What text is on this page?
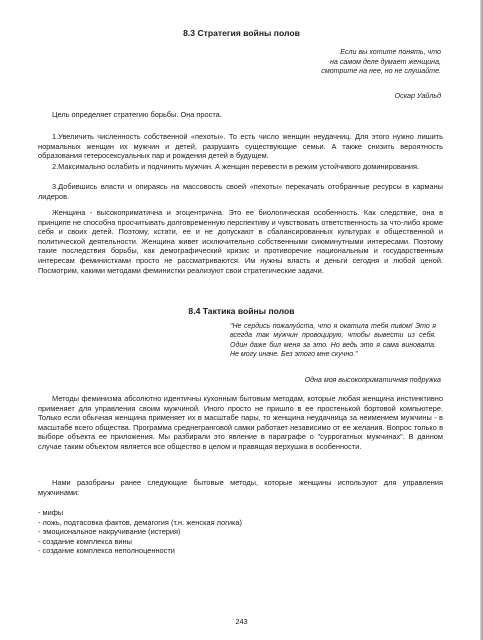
8.3 Стратегия войны полов
Если вы хотите понять, что
на самом деле думает женщина,
смотрите на нее, но не слушайте.
Оскар Уайльд

Цель определяет стратегию борьбы. Она проста.

1.Увеличить численность собственной «пехоты». То есть число женщин неудачниц. Для этого нужно лишить нормальных женщин их мужчин и детей, разрушить существующие семьи. А также снизить вероятность образования гетеросексуальных пар и рождения детей в будущем.

2.Максимально ослабить и подчинить мужчин. А женщин перевести в режим устойчивого доминирования.

3.Добившись власти и опираясь на массовость своей «пехоты» перекачать отобранные ресурсы в карманы лидеров.

Женщина - высокоприматична и эгоцентрична. Это ее биологическая особенность. Как следствие, она в принципе не способна просчитывать долговременную перспективу и чувствовать ответственность за что-либо кроме себя и своих детей. Поэтому, кстати, ее и не допускают в сбалансированных культурах к общественной и политической деятельности. Женщина живет исключительно собственными сиюминутными интересами. Поэтому такие последствия борьбы, как демографический кризис и противоречие национальным и государственным интересам феминистками просто не рассматриваются. Им нужны власть и деньги сегодня и любой ценой. Посмотрим, какими методами феминистки реализуют свои стратегические задачи.

8.4 Тактика войны полов
"Не сердись пожалуйста, что я окатила тебя пивом! Это я всегда так мужчин провоцирую, чтобы вывести из себя. Один даже бил меня за это. Но ведь это я сама виновата. Не могу иначе. Без этого мне скучно."
Одна моя высокоприматичная подружка

Методы феминизма абсолютно идентичны кухонным бытовым методам, которые любая женщина инстинктивно применяет для управления своим мужчиной. Иного просто не пришло в ее простенькой бортовой компьютере. Только если обычная женщина применяет их в масштабе пары, то женщина неудачница за неимением мужчины - в масштабе всего общества. Программа среднегранговой самки работает независимо от ее желания. Вопрос только в выборе объекта ее приложения. Мы разбирали это явление в параграфе о "суррогатных мужчинах". В данном случае таким объектом является все общество в целом и правящая верхушка в особенности.

Нами разобраны ранее следующие бытовые методы, которые женщины используют для управления мужчинами:

- мифы
- ложь, подтасовка фактов, демагогия (т.н. женская логика)
- эмоциональное накручивание (истерия)
- создание комплекса вины
- создание комплекса неполноценности
243
